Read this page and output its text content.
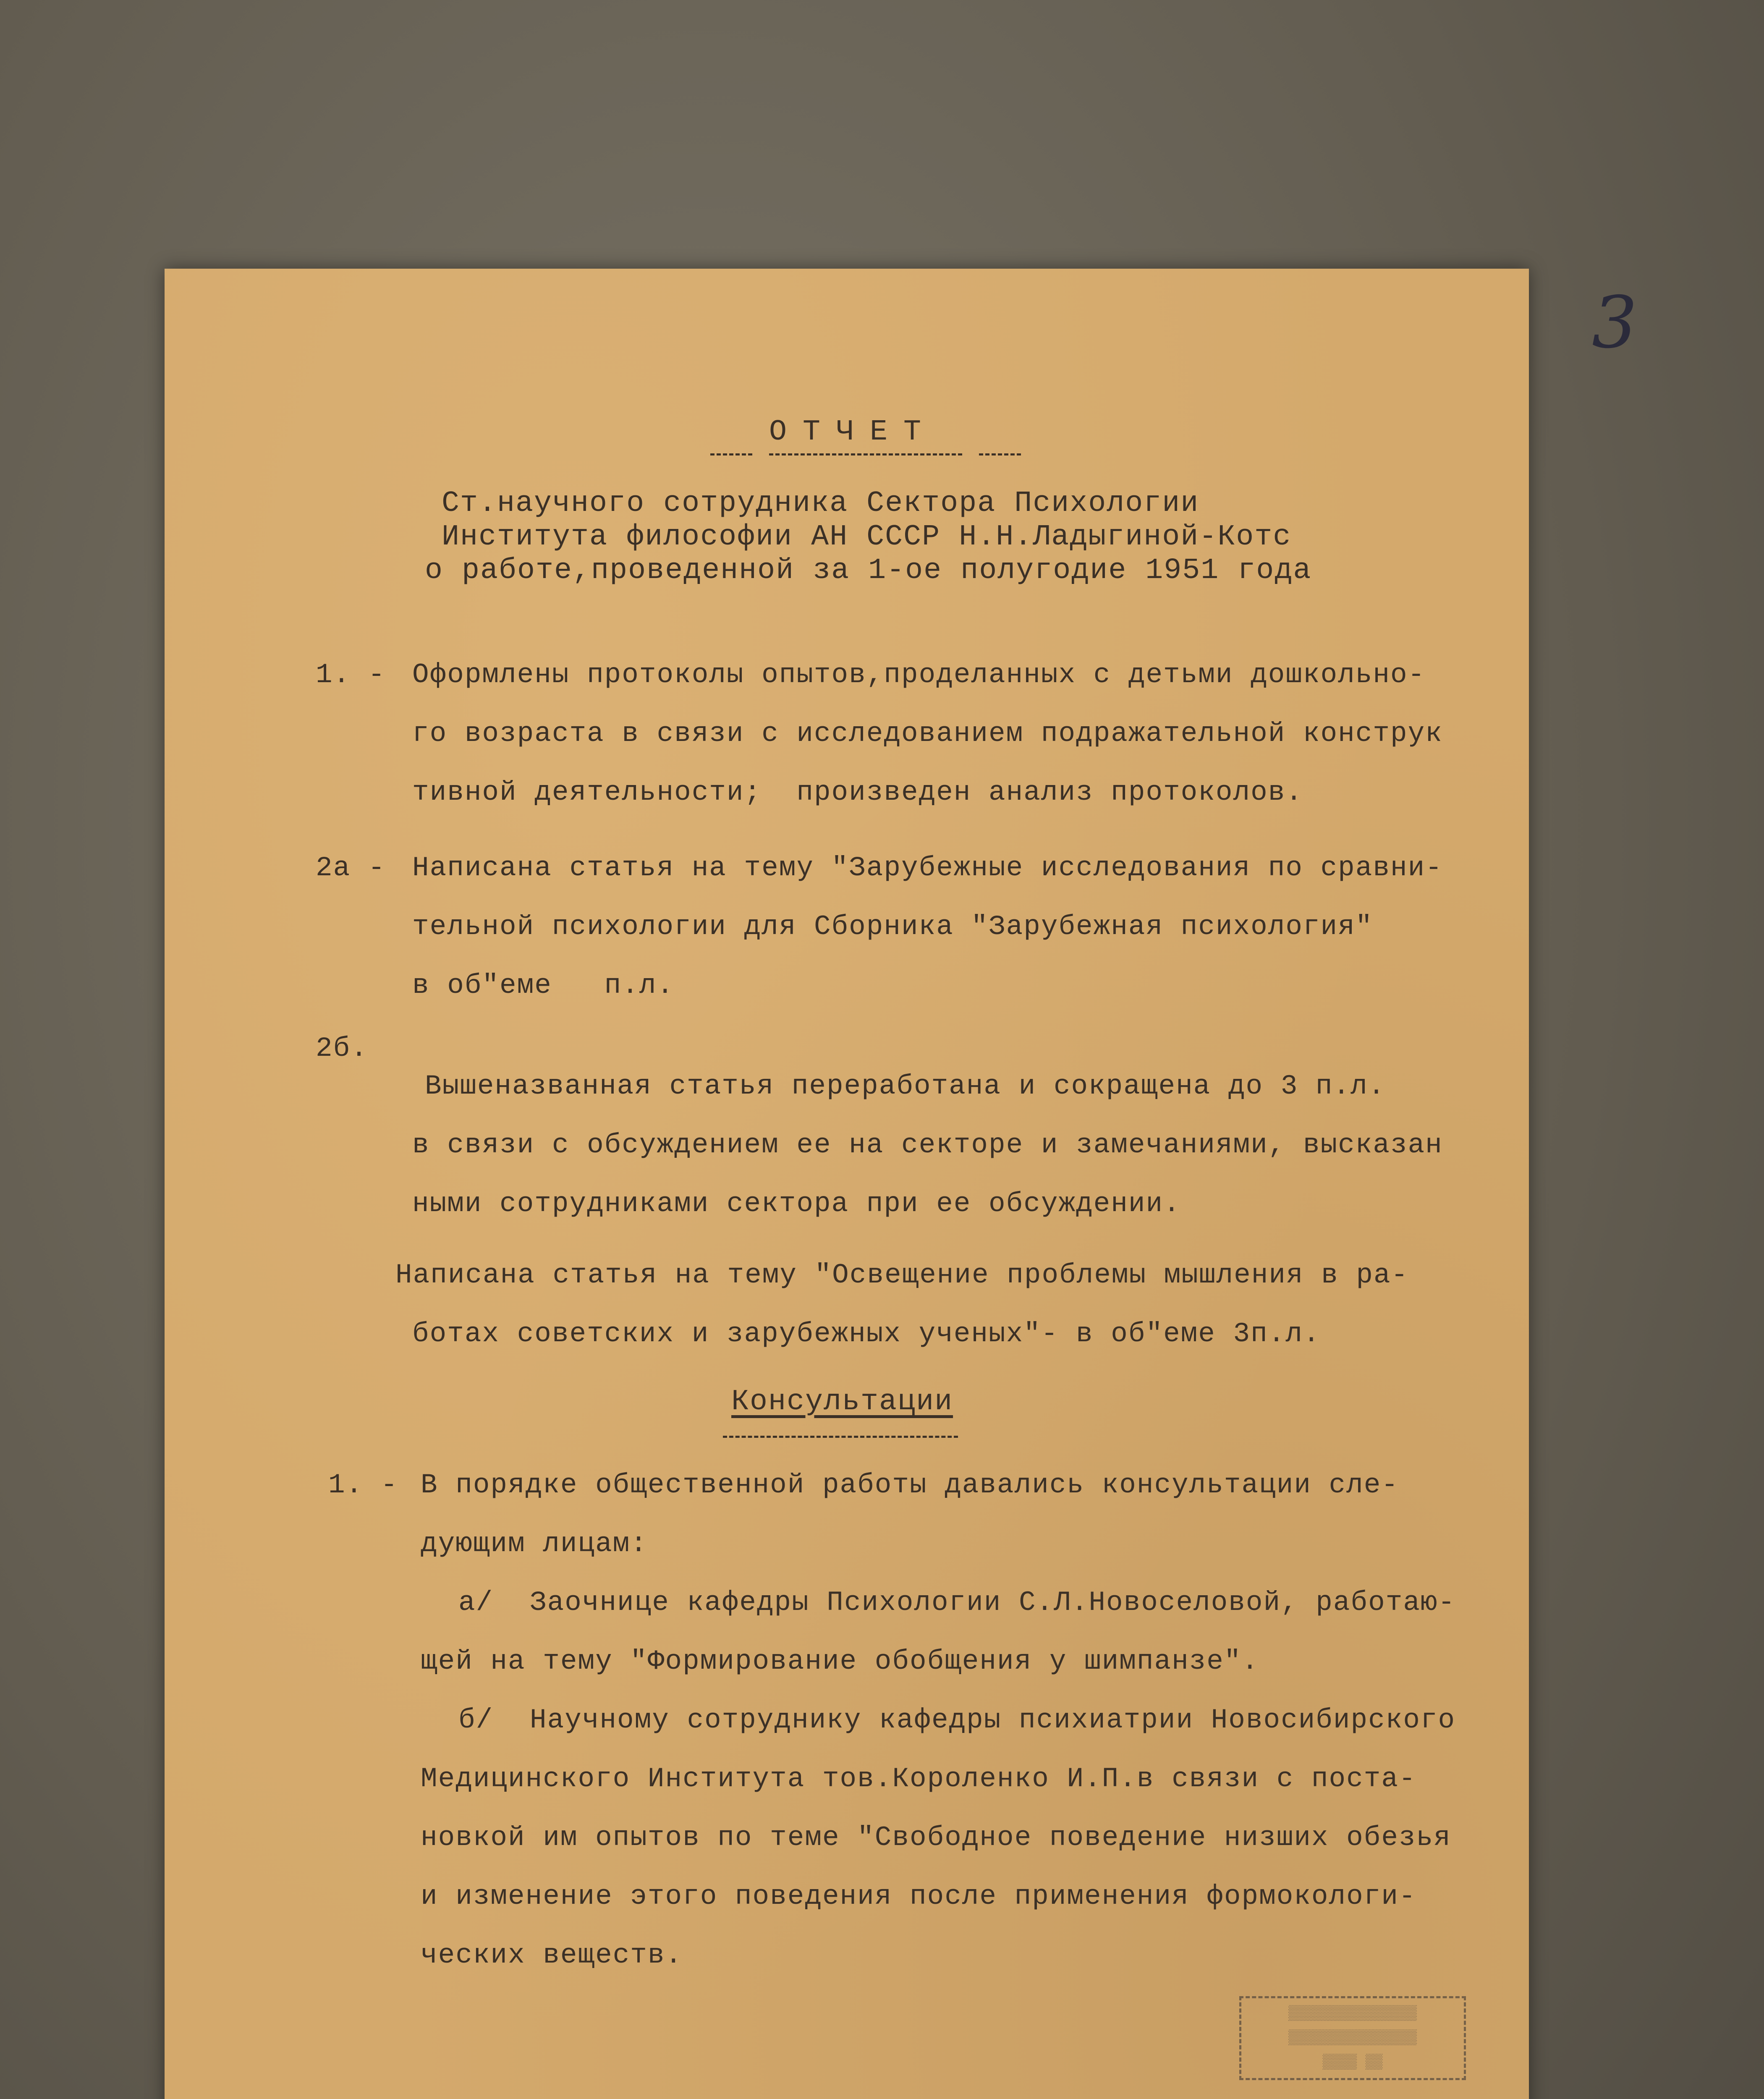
3
ОТЧЕТ
Ст.научного сотрудника Сектора Психологии
Института философии АН СССР Н.Н.Ладыгиной-Котс
о работе,проведенной за 1-ое полугодие 1951 года
1. - Оформлены протоколы опытов,проделанных с детьми дошкольно-
го возраста в связи с исследованием подражательной конструк
тивной деятельности;  произведен анализ протоколов.
2а - Написана статья на тему "Зарубежные исследования по сравни-
тельной психологии для Сборника "Зарубежная психология"
в об"еме   п.л.
2б.
Вышеназванная статья переработана и сокращена до 3 п.л.
в связи с обсуждением ее на секторе и замечаниями, высказан
ными сотрудниками сектора при ее обсуждении.
Написана статья на тему "Освещение проблемы мышления в ра-
ботах советских и зарубежных ученых"- в об"еме 3п.л.
Консультации
1. - В порядке общественной работы давались консультации сле-
дующим лицам:
а/ Заочнице кафедры Психологии С.Л.Новоселовой, работаю-
щей на тему "Формирование обобщения у шимпанзе".
б/ Научному сотруднику кафедры психиатрии Новосибирского
Медицинского Института тов.Короленко И.П.в связи с поста-
новкой им опытов по теме "Свободное поведение низших обезья
и изменение этого поведения после применения формокологи-
ческих веществ.
▒▒▒▒▒▒▒▒▒▒▒▒▒▒▒
▒▒▒▒▒▒▒▒▒▒▒▒▒▒▒
▒▒▒▒ ▒▒
